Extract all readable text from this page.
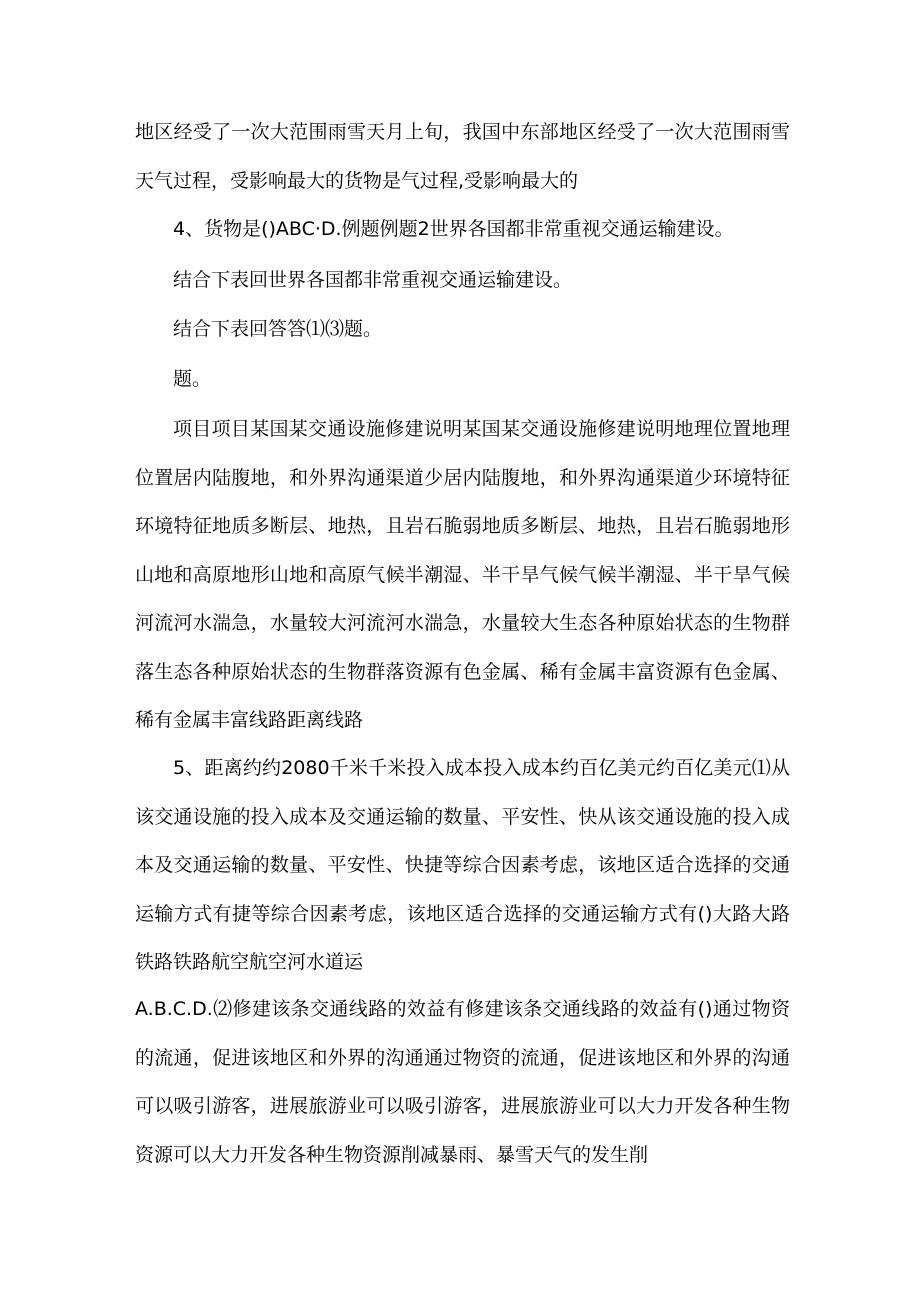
地区经受了一次大范围雨雪天月上旬，我国中东部地区经受了一次大范围雨雪天气过程，受影响最大的货物是气过程,受影响最大的

4、货物是()ABC·D.例题例题2世界各国都非常重视交通运输建设。

结合下表回世界各国都非常重视交通运输建设。

结合下表回答答⑴⑶题。

题。

项目项目某国某交通设施修建说明某国某交通设施修建说明地理位置地理位置居内陆腹地，和外界沟通渠道少居内陆腹地，和外界沟通渠道少环境特征环境特征地质多断层、地热，且岩石脆弱地质多断层、地热，且岩石脆弱地形山地和高原地形山地和高原气候半潮湿、半干旱气候气候半潮湿、半干旱气候河流河水湍急，水量较大河流河水湍急，水量较大生态各种原始状态的生物群落生态各种原始状态的生物群落资源有色金属、稀有金属丰富资源有色金属、稀有金属丰富线路距离线路

5、距离约约2080千米千米投入成本投入成本约百亿美元约百亿美元⑴从该交通设施的投入成本及交通运输的数量、平安性、快从该交通设施的投入成本及交通运输的数量、平安性、快捷等综合因素考虑，该地区适合选择的交通运输方式有捷等综合因素考虑，该地区适合选择的交通运输方式有()大路大路铁路铁路航空航空河水道运

A.B.C.D.⑵修建该条交通线路的效益有修建该条交通线路的效益有()通过物资的流通，促进该地区和外界的沟通通过物资的流通，促进该地区和外界的沟通可以吸引游客，进展旅游业可以吸引游客，进展旅游业可以大力开发各种生物资源可以大力开发各种生物资源削减暴雨、暴雪天气的发生削
